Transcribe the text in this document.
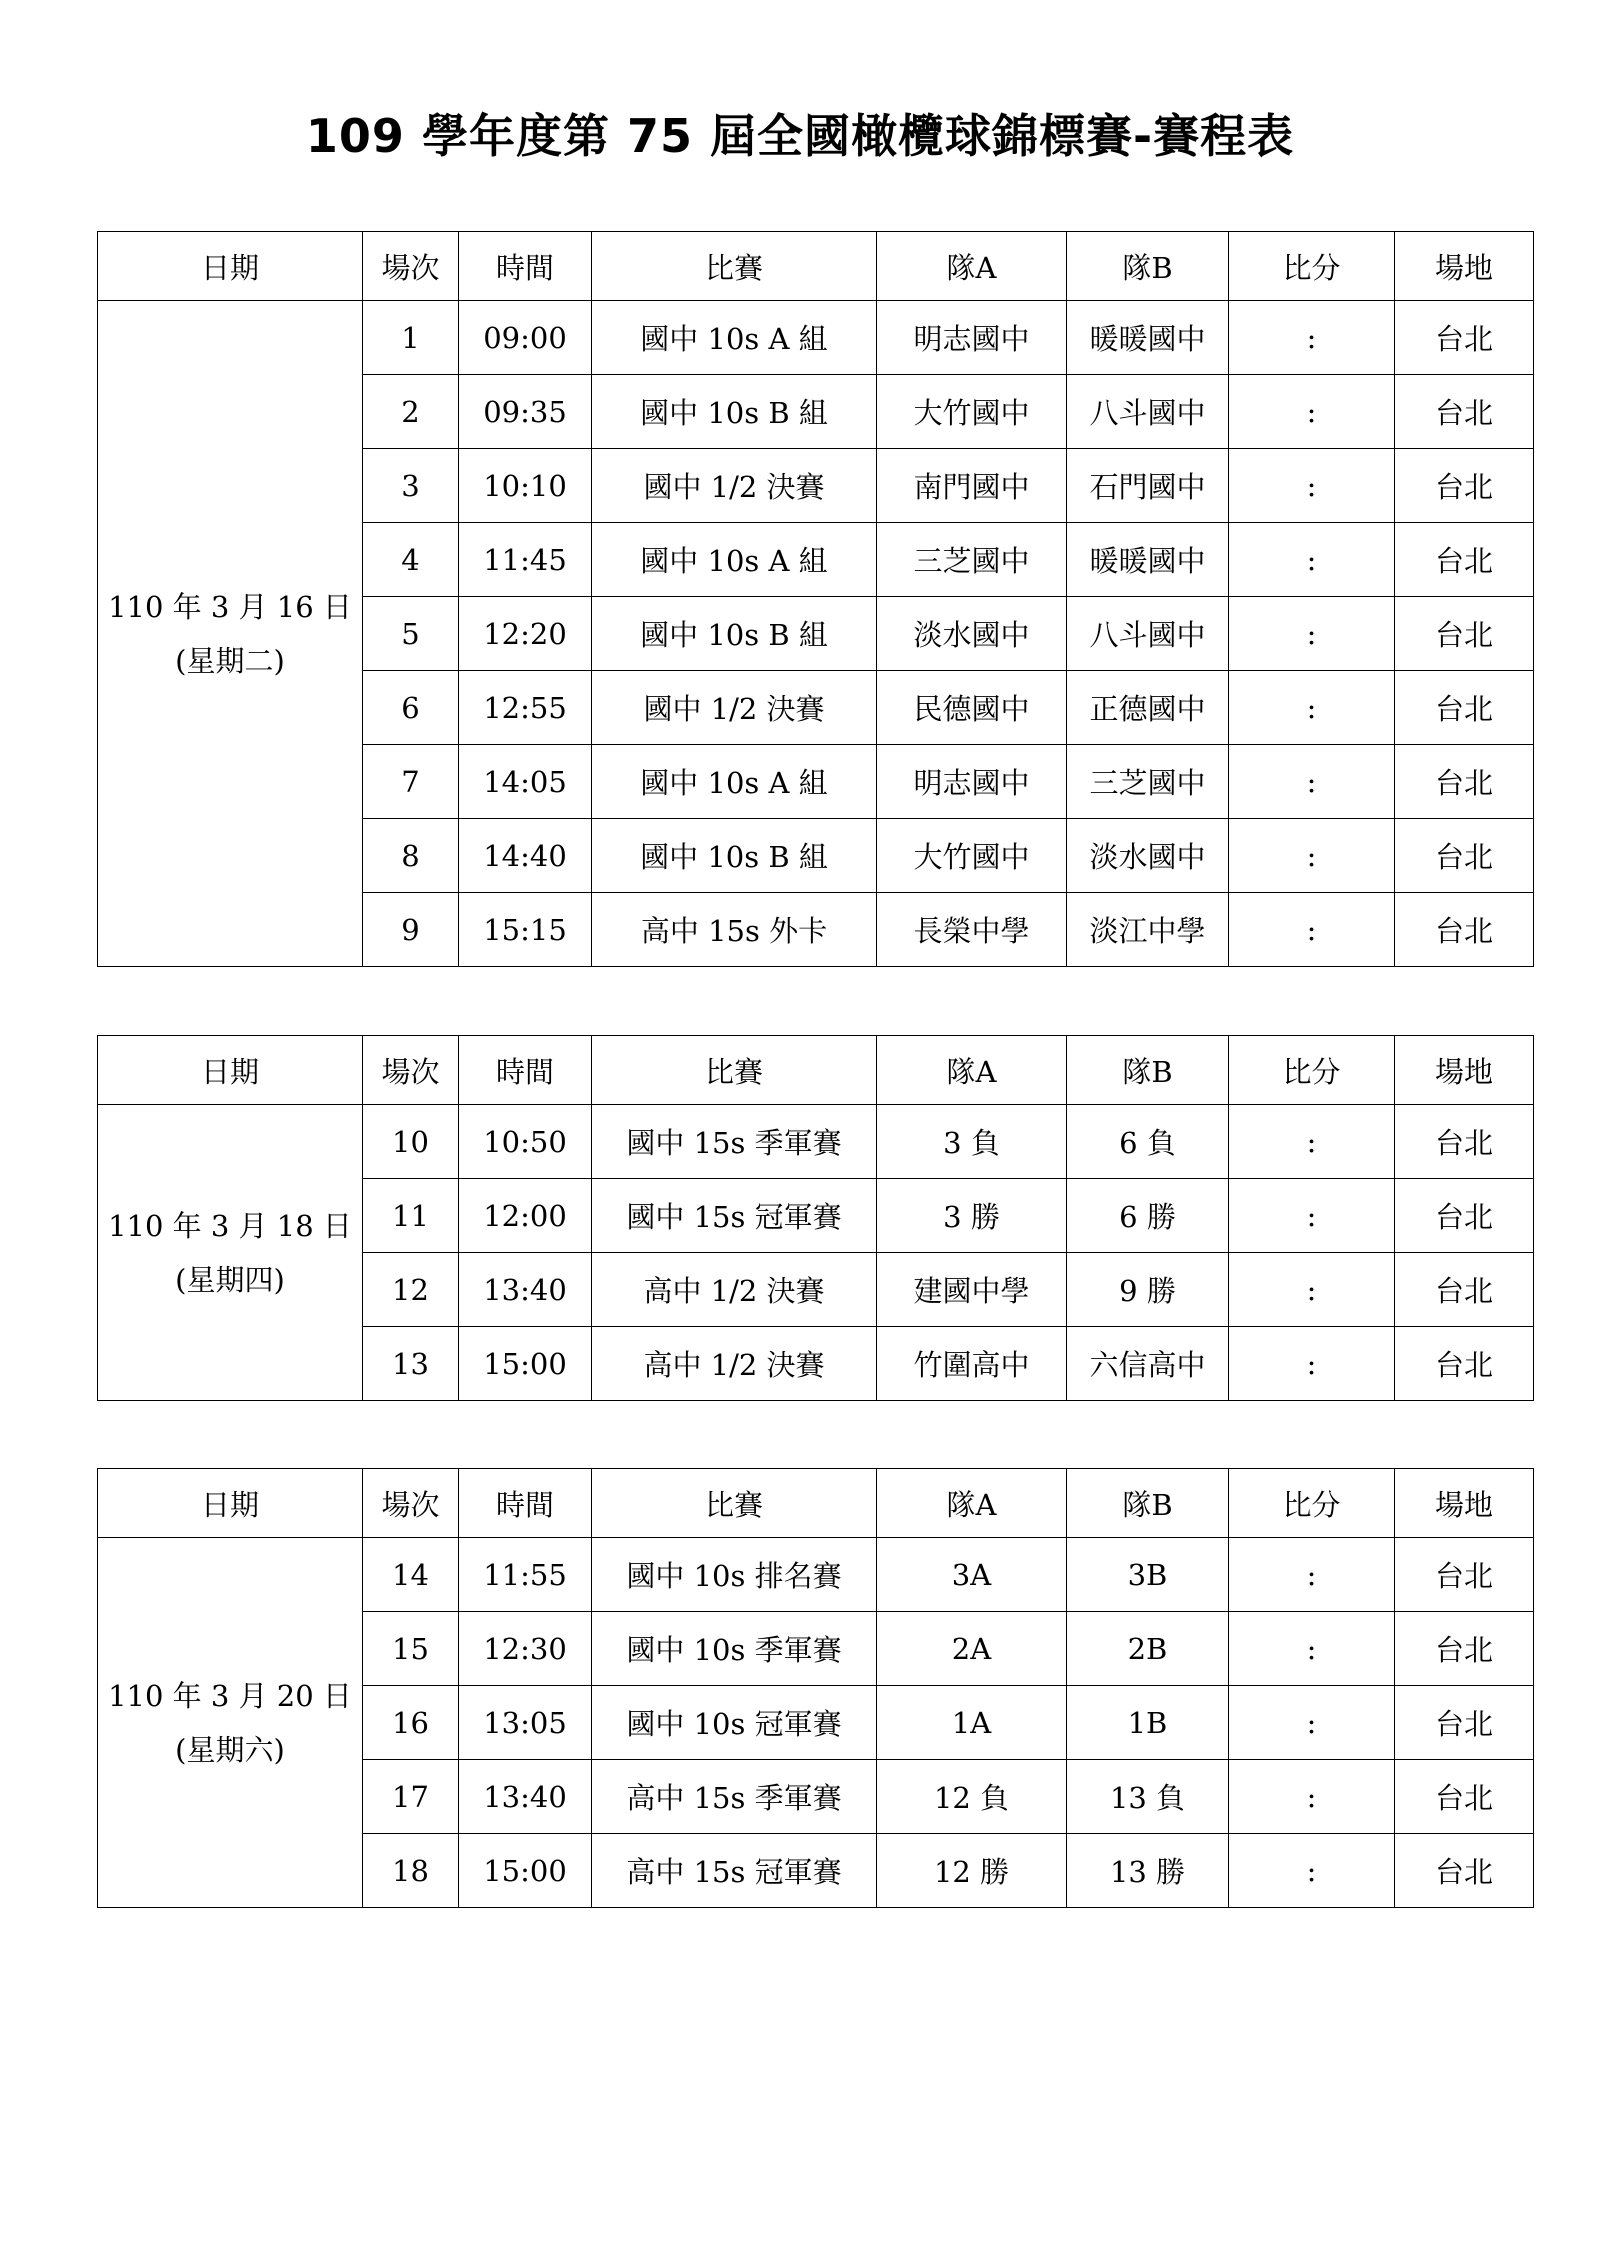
109 學年度第 75 屆全國橄欖球錦標賽-賽程表
日期	場次	時間	比賽	隊A	隊B	比分	場地

110 年 3 月 16 日
(星期二)	1	09:00	國中 10s A 組	明志國中	暖暖國中	:	台北
	2	09:35	國中 10s B 組	大竹國中	八斗國中	:	台北
	3	10:10	國中 1/2 決賽	南門國中	石門國中	:	台北
	4	11:45	國中 10s A 組	三芝國中	暖暖國中	:	台北
	5	12:20	國中 10s B 組	淡水國中	八斗國中	:	台北
	6	12:55	國中 1/2 決賽	民德國中	正德國中	:	台北
	7	14:05	國中 10s A 組	明志國中	三芝國中	:	台北
	8	14:40	國中 10s B 組	大竹國中	淡水國中	:	台北
	9	15:15	高中 15s 外卡	長榮中學	淡江中學	:	台北
日期	場次	時間	比賽	隊A	隊B	比分	場地

110 年 3 月 18 日
(星期四)	10	10:50	國中 15s 季軍賽	3 負	6 負	:	台北
	11	12:00	國中 15s 冠軍賽	3 勝	6 勝	:	台北
	12	13:40	高中 1/2 決賽	建國中學	9 勝	:	台北
	13	15:00	高中 1/2 決賽	竹圍高中	六信高中	:	台北
日期	場次	時間	比賽	隊A	隊B	比分	場地

110 年 3 月 20 日
(星期六)	14	11:55	國中 10s 排名賽	3A	3B	:	台北
	15	12:30	國中 10s 季軍賽	2A	2B	:	台北
	16	13:05	國中 10s 冠軍賽	1A	1B	:	台北
	17	13:40	高中 15s 季軍賽	12 負	13 負	:	台北
	18	15:00	高中 15s 冠軍賽	12 勝	13 勝	:	台北
